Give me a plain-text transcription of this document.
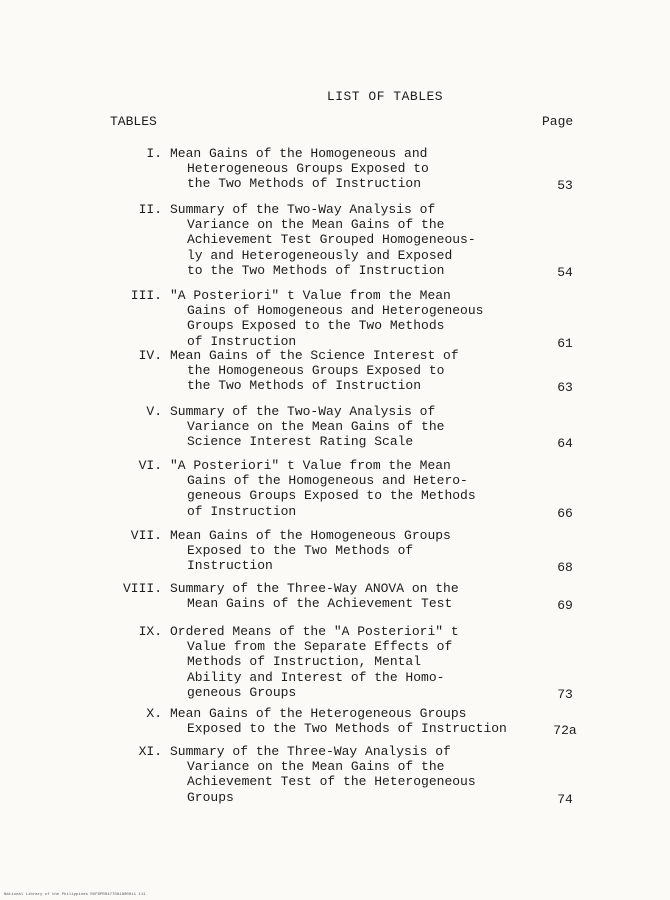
LIST OF TABLES
TABLES	Page
I. Mean Gains of the Homogeneous and
Heterogeneous Groups Exposed to
the Two Methods of Instruction	53
II. Summary of the Two-Way Analysis of
Variance on the Mean Gains of the
Achievement Test Grouped Homogeneous-
ly and Heterogeneously and Exposed
to the Two Methods of Instruction	54
III. "A Posteriori" t Value from the Mean
Gains of Homogeneous and Heterogeneous
Groups Exposed to the Two Methods
of Instruction	61
IV. Mean Gains of the Science Interest of
the Homogeneous Groups Exposed to
the Two Methods of Instruction	63
V. Summary of the Two-Way Analysis of
Variance on the Mean Gains of the
Science Interest Rating Scale	64
VI. "A Posteriori" t Value from the Mean
Gains of the Homogeneous and Hetero-
geneous Groups Exposed to the Methods
of Instruction	66
VII. Mean Gains of the Homogeneous Groups
Exposed to the Two Methods of
Instruction	68
VIII. Summary of the Three-Way ANOVA on the
Mean Gains of the Achievement Test	69
IX. Ordered Means of the "A Posteriori" t
Value from the Separate Effects of
Methods of Instruction, Mental
Ability and Interest of the Homo-
geneous Groups	73
X. Mean Gains of the Heterogeneous Groups
Exposed to the Two Methods of Instruction	72a
XI. Summary of the Three-Way Analysis of
Variance on the Mean Gains of the
Achievement Test of the Heterogeneous
Groups	74
National Library of the Philippines RUFDPR0477061800011 111
